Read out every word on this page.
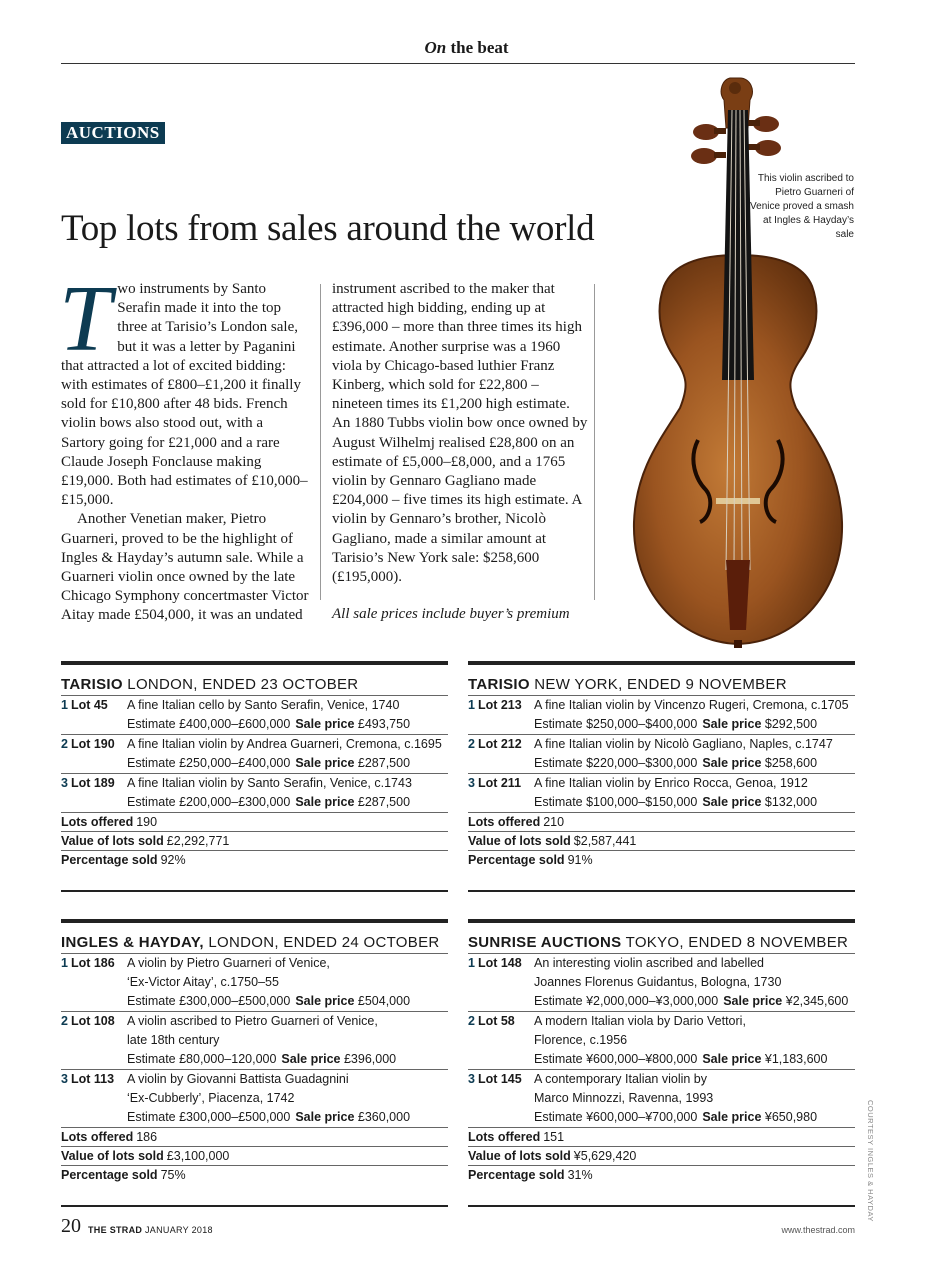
On the beat
AUCTIONS
Top lots from sales around the world

Two instruments by Santo Serafin made it into the top three at Tarisio’s London sale, but it was a letter by Paganini that attracted a lot of excited bidding: with estimates of £800–£1,200 it finally sold for £10,800 after 48 bids. French violin bows also stood out, with a Sartory going for £21,000 and a rare Claude Joseph Fonclause making £19,000. Both had estimates of £10,000–£15,000.

Another Venetian maker, Pietro Guarneri, proved to be the highlight of Ingles & Hayday’s autumn sale. While a Guarneri violin once owned by the late Chicago Symphony concertmaster Victor Aitay made £504,000, it was an undated

instrument ascribed to the maker that attracted high bidding, ending up at £396,000 – more than three times its high estimate. Another surprise was a 1960 viola by Chicago-based luthier Franz Kinberg, which sold for £22,800 – nineteen times its £1,200 high estimate. An 1880 Tubbs violin bow once owned by August Wilhelmj realised £28,800 on an estimate of £5,000–£8,000, and a 1765 violin by Gennaro Gagliano made £204,000 – five times its high estimate. A violin by Gennaro’s brother, Nicolò Gagliano, made a similar amount at Tarisio’s New York sale: $258,600 (£195,000).

All sale prices include buyer’s premium

This violin ascribed to Pietro Guarneri of Venice proved a smash at Ingles & Hayday’s sale
COURTESY INGLES & HAYDAY
TARISIO LONDON, ENDED 23 OCTOBER
1 Lot 45	A fine Italian cello by Santo Serafin, Venice, 1740
Estimate £400,000–£600,000 Sale price £493,750
2 Lot 190 A fine Italian violin by Andrea Guarneri, Cremona, c.1695
Estimate £250,000–£400,000 Sale price £287,500
3 Lot 189 A fine Italian violin by Santo Serafin, Venice, c.1743
Estimate £200,000–£300,000 Sale price £287,500
Lots offered 190
Value of lots sold £2,292,771
Percentage sold 92%
TARISIO NEW YORK, ENDED 9 NOVEMBER
1 Lot 213 A fine Italian violin by Vincenzo Rugeri, Cremona, c.1705
Estimate $250,000–$400,000 Sale price $292,500
2 Lot 212 A fine Italian violin by Nicolò Gagliano, Naples, c.1747
Estimate $220,000–$300,000 Sale price $258,600
3 Lot 211	A fine Italian violin by Enrico Rocca, Genoa, 1912
Estimate $100,000–$150,000 Sale price $132,000
Lots offered 210
Value of lots sold $2,587,441
Percentage sold 91%
INGLES & HAYDAY, LONDON, ENDED 24 OCTOBER
1 Lot 186 A violin by Pietro Guarneri of Venice,
‘Ex-Victor Aitay’, c.1750–55
Estimate £300,000–£500,000 Sale price £504,000
2 Lot 108 A violin ascribed to Pietro Guarneri of Venice,
late 18th century
Estimate £80,000–120,000 Sale price £396,000
3 Lot 113	A violin by Giovanni Battista Guadagnini
‘Ex-Cubberly’, Piacenza, 1742
Estimate £300,000–£500,000 Sale price £360,000
Lots offered 186
Value of lots sold £3,100,000
Percentage sold 75%
SUNRISE AUCTIONS TOKYO, ENDED 8 NOVEMBER
1 Lot 148 An interesting violin ascribed and labelled
Joannes Florenus Guidantus, Bologna, 1730
Estimate ¥2,000,000–¥3,000,000 Sale price ¥2,345,600
2 Lot 58	A modern Italian viola by Dario Vettori,
Florence, c.1956
Estimate ¥600,000–¥800,000 Sale price ¥1,183,600
3 Lot 145 A contemporary Italian violin by
Marco Minnozzi, Ravenna, 1993
Estimate ¥600,000–¥700,000 Sale price ¥650,980
Lots offered 151
Value of lots sold ¥5,629,420
Percentage sold 31%
20 THE STRAD JANUARY 2018	www.thestrad.com
